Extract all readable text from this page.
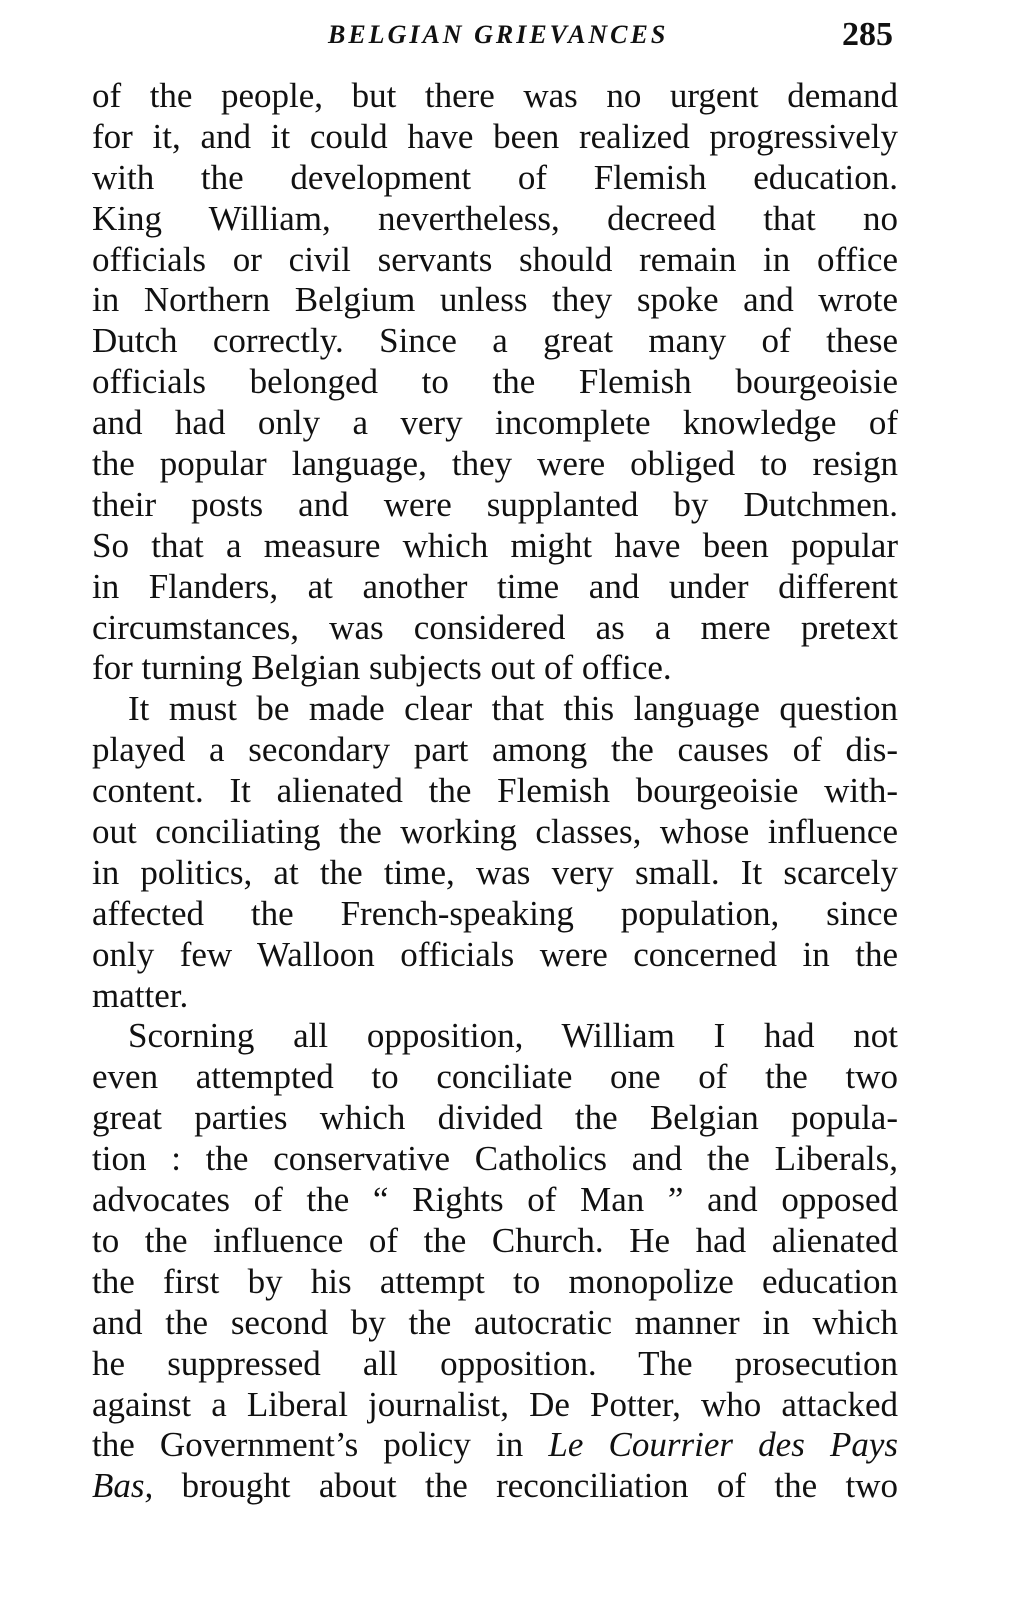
BELGIAN GRIEVANCES	285
of the people, but there was no urgent demand
for it, and it could have been realized progressively
with the development of Flemish education.
King William, nevertheless, decreed that no
officials or civil servants should remain in office
in Northern Belgium unless they spoke and wrote
Dutch correctly. Since a great many of these
officials belonged to the Flemish bourgeoisie
and had only a very incomplete knowledge of
the popular language, they were obliged to resign
their posts and were supplanted by Dutchmen.
So that a measure which might have been popular
in Flanders, at another time and under different
circumstances, was considered as a mere pretext
for turning Belgian subjects out of office.
It must be made clear that this language question
played a secondary part among the causes of dis-
content. It alienated the Flemish bourgeoisie with-
out conciliating the working classes, whose influence
in politics, at the time, was very small. It scarcely
affected the French-speaking population, since
only few Walloon officials were concerned in the
matter.
Scorning all opposition, William I had not
even attempted to conciliate one of the two
great parties which divided the Belgian popula-
tion : the conservative Catholics and the Liberals,
advocates of the “ Rights of Man ” and opposed
to the influence of the Church. He had alienated
the first by his attempt to monopolize education
and the second by the autocratic manner in which
he suppressed all opposition. The prosecution
against a Liberal journalist, De Potter, who attacked
the Government’s policy in Le Courrier des Pays
Bas, brought about the reconciliation of the two
